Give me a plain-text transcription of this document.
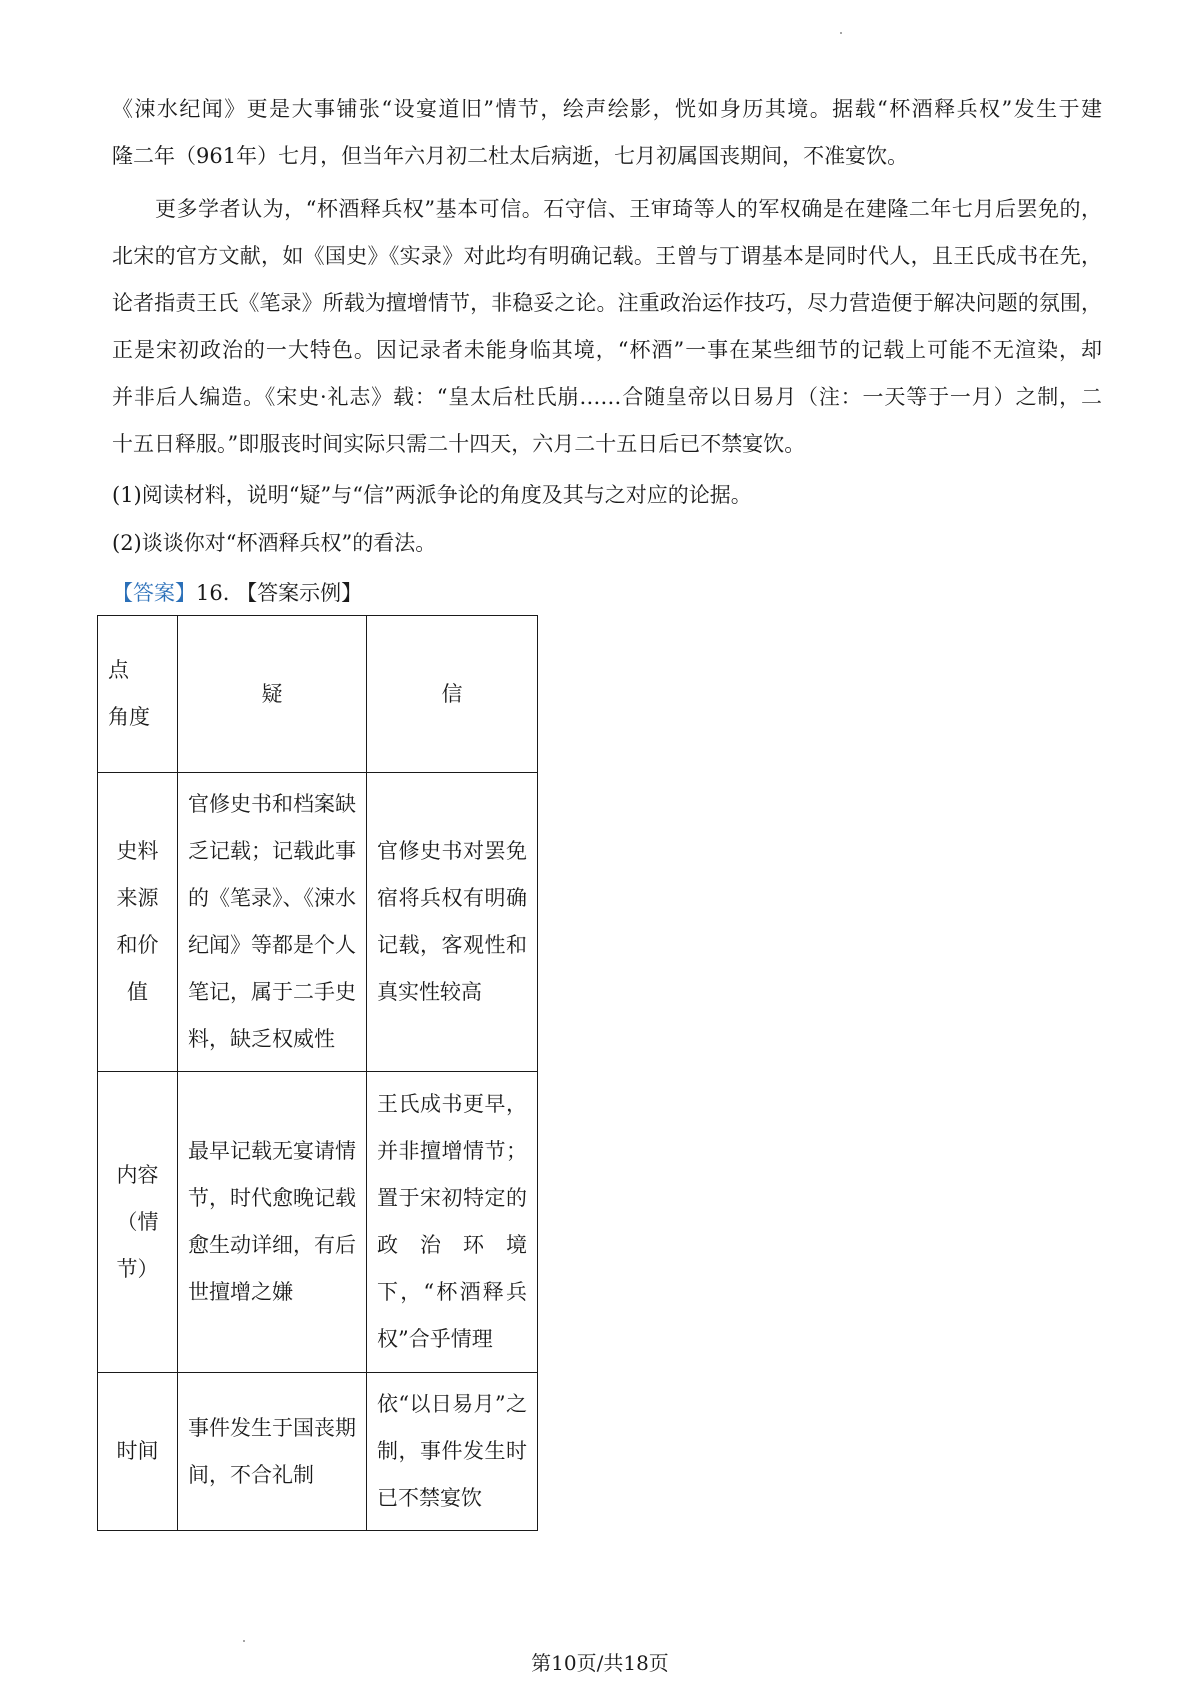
《涑水纪闻》更是大事铺张“设宴道旧”情节，绘声绘影，恍如身历其境。据载“杯酒释兵权”发生于建
隆二年（961年）七月，但当年六月初二杜太后病逝，七月初属国丧期间，不准宴饮。
　　更多学者认为，“杯酒释兵权”基本可信。石守信、王审琦等人的军权确是在建隆二年七月后罢免的，
北宋的官方文献，如《国史》《实录》对此均有明确记载。王曾与丁谓基本是同时代人，且王氏成书在先，
论者指责王氏《笔录》所载为擅增情节，非稳妥之论。注重政治运作技巧，尽力营造便于解决问题的氛围，
正是宋初政治的一大特色。因记录者未能身临其境，“杯酒”一事在某些细节的记载上可能不无渲染，却
并非后人编造。《宋史·礼志》载：“皇太后杜氏崩……合随皇帝以日易月（注：一天等于一月）之制，二
十五日释服。”即服丧时间实际只需二十四天，六月二十五日后已不禁宴饮。
(1)阅读材料，说明“疑”与“信”两派争论的角度及其与之对应的论据。
(2)谈谈你对“杯酒释兵权”的看法。
【答案】16. 【答案示例】
点
角度	疑	信
史料来源和价值	官修史书和档案缺乏记载；记载此事的《笔录》、《涑水纪闻》等都是个人笔记，属于二手史料，缺乏权威性	官修史书对罢免宿将兵权有明确记载，客观性和真实性较高
内容（情节）	最早记载无宴请情节，时代愈晚记载愈生动详细，有后世擅增之嫌	王氏成书更早，并非擅增情节；置于宋初特定的政治环境下，“杯酒释兵权”合乎情理
时间	事件发生于国丧期间，不合礼制	依“以日易月”之制，事件发生时已不禁宴饮
第10页/共18页
